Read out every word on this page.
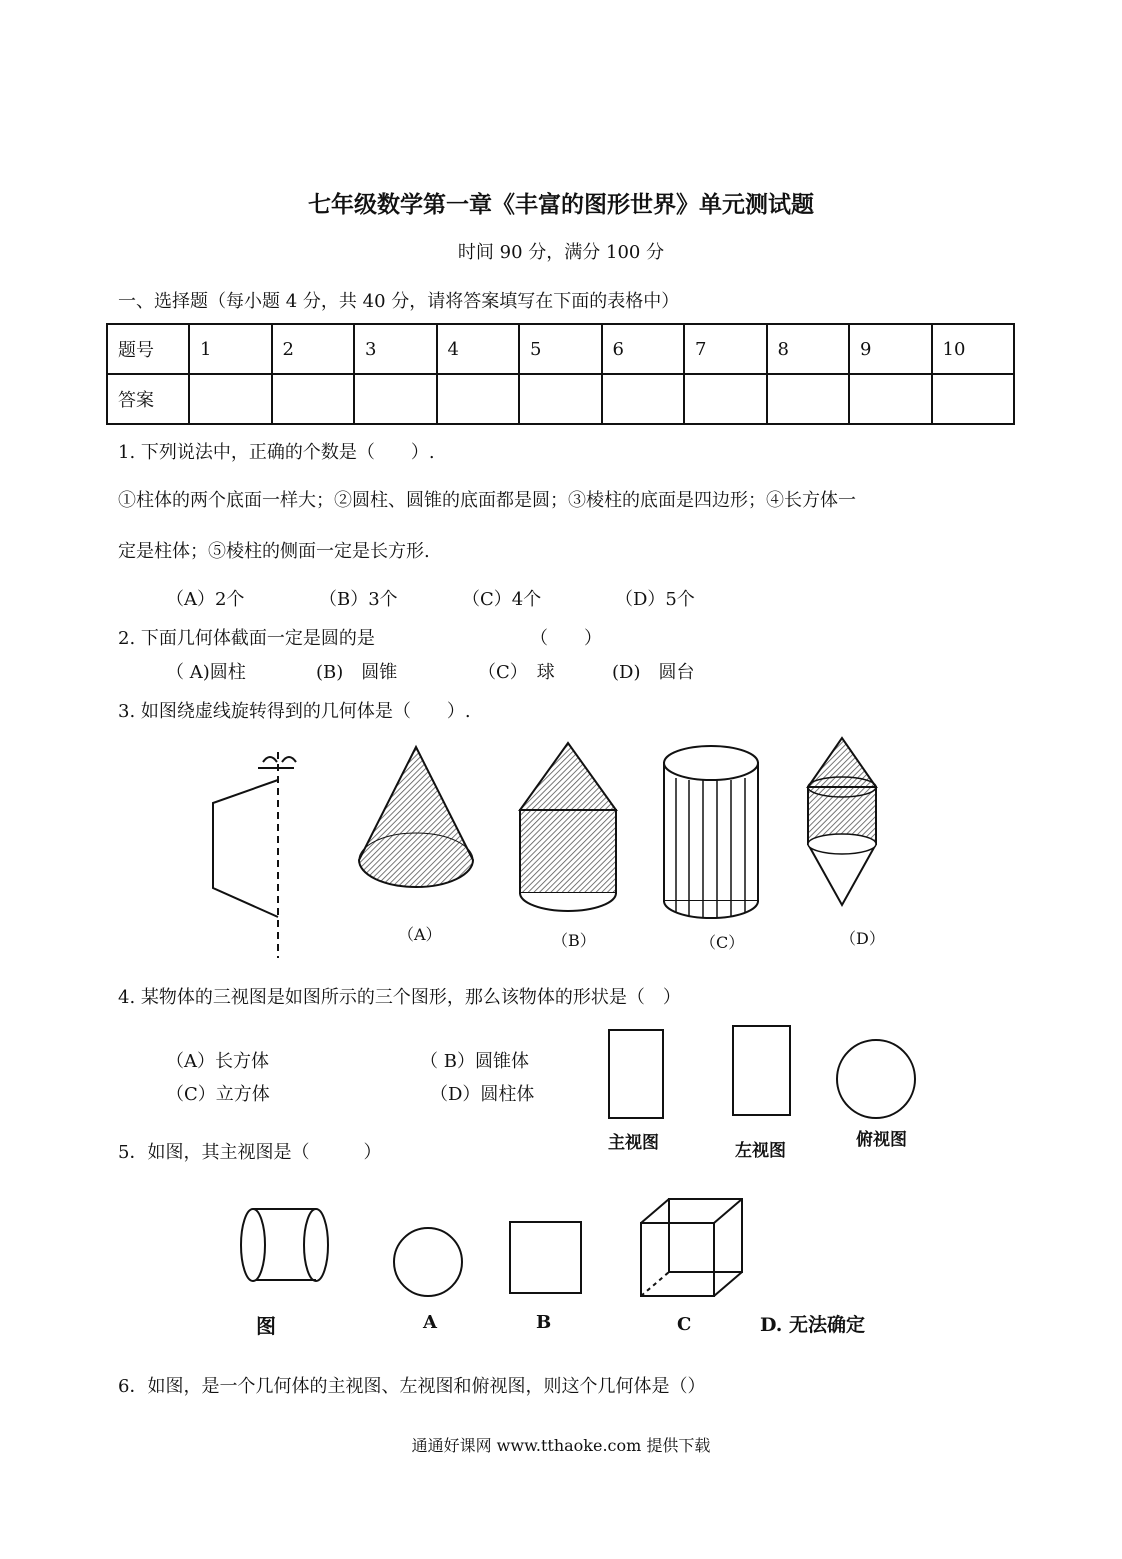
七年级数学第一章《丰富的图形世界》单元测试题
时间 90 分，满分 100 分
一、选择题（每小题 4 分，共 40 分，请将答案填写在下面的表格中）
题号	1	2	3	4	5	6	7	8	9	10
答案										
1. 下列说法中，正确的个数是（　　）.
①柱体的两个底面一样大；②圆柱、圆锥的底面都是圆；③棱柱的底面是四边形；④长方体一
定是柱体；⑤棱柱的侧面一定是长方形.
（A）2个	（B）3个	（C）4个	（D）5个
2. 下面几何体截面一定是圆的是	（　　）
（ A)圆柱	(B)　圆锥	（C）　球	(D)　圆台
3. 如图绕虚线旋转得到的几何体是（　　）.
（A）	（B）	（C）	（D）
4. 某物体的三视图是如图所示的三个图形，那么该物体的形状是（　）
（A）长方体	（ B）圆锥体
（C）立方体	（D）圆柱体
主视图	左视图
俯视图
5．如图，其主视图是（　　　）
图	A	B	C	D. 无法确定
6．如图，是一个几何体的主视图、左视图和俯视图，则这个几何体是（）
通通好课网 www.tthaoke.com 提供下载
